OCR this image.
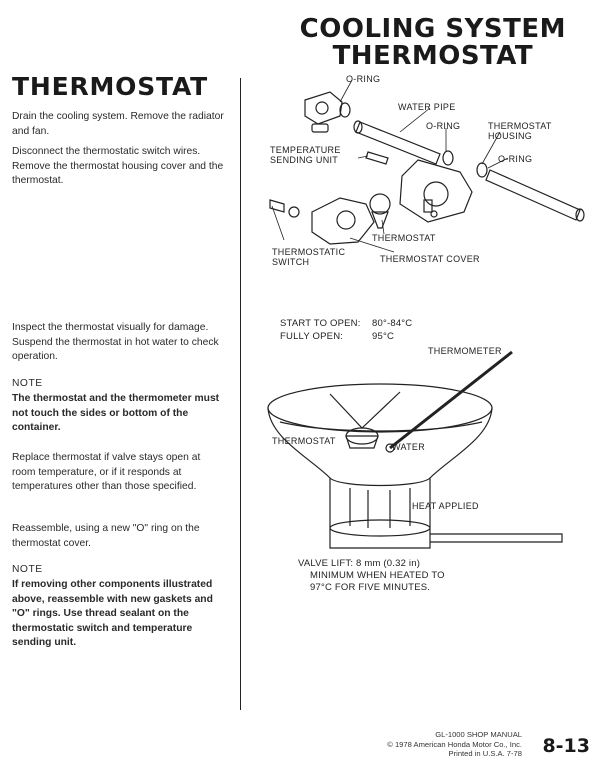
COOLING SYSTEM
THERMOSTAT
THERMOSTAT
Drain the cooling system. Remove the radiator and fan.
Disconnect the thermostatic switch wires. Remove the thermostat housing cover and the thermostat.
Inspect the thermostat visually for damage. Suspend the thermostat in hot water to check operation.
NOTE
The thermostat and the thermometer must not touch the sides or bottom of the container.
Replace thermostat if valve stays open at room temperature, or if it responds at temperatures other than those specified.
Reassemble, using a new "O" ring on the thermostat cover.
NOTE
If removing other components illustrated above, reassemble with new gaskets and "O" rings. Use thread sealant on the thermostatic switch and temperature sending unit.
O-RING
WATER PIPE
O-RING	THERMOSTAT HOUSING
TEMPERATURE SENDING UNIT	O-RING
THERMOSTAT
THERMOSTATIC SWITCH	THERMOSTAT COVER
START TO OPEN: 80°-84°C
FULLY OPEN:	95°C
THERMOMETER
THERMOSTAT
WATER
HEAT APPLIED
VALVE LIFT: 8 mm (0.32 in)
MINIMUM WHEN HEATED TO
97°C FOR FIVE MINUTES.
GL-1000 SHOP MANUAL
© 1978 American Honda Motor Co., Inc.
Printed in U.S.A. 7-78 8-13
